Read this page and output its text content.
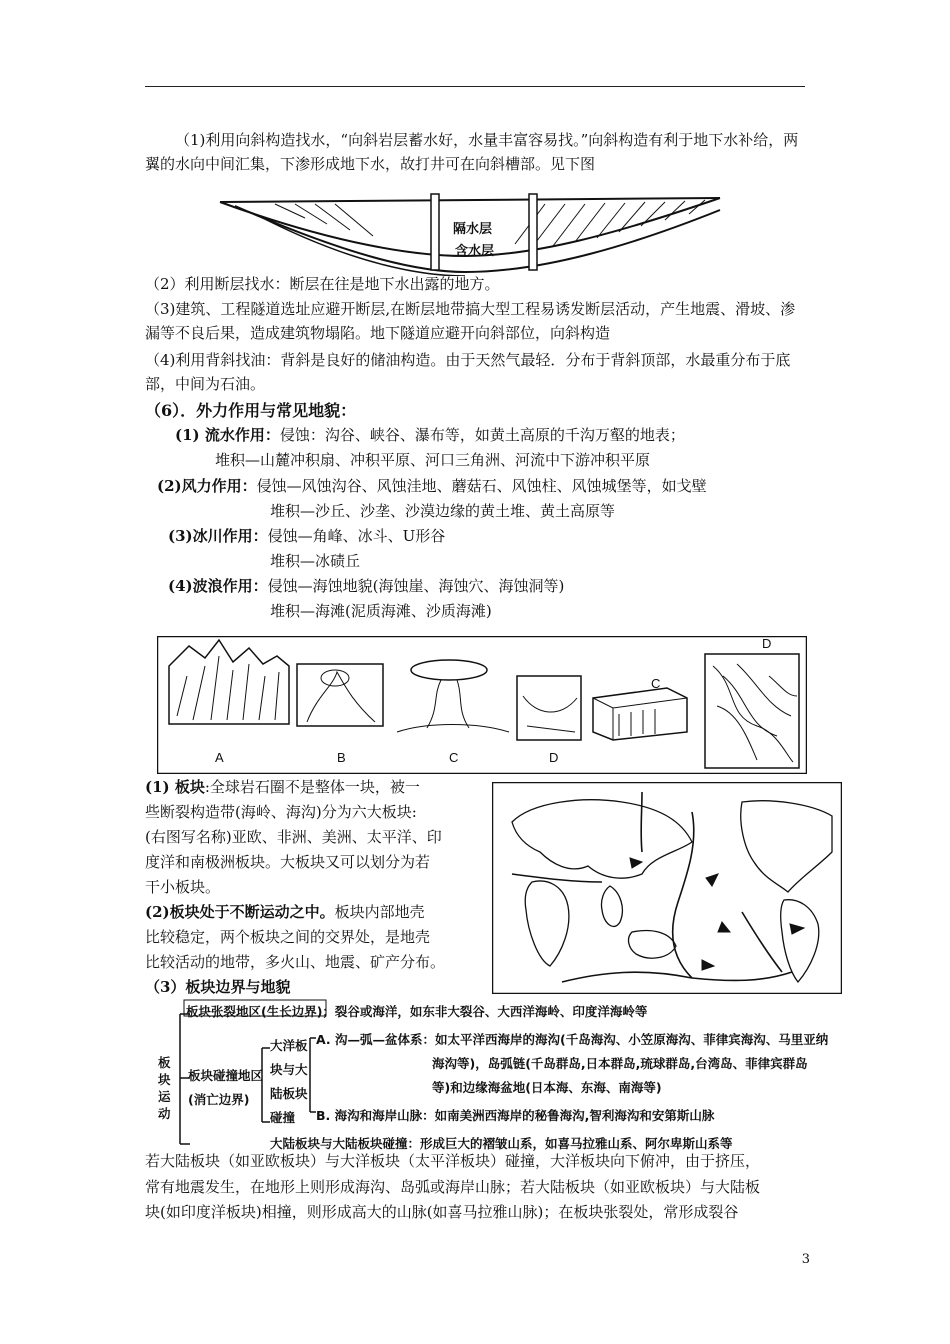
（1)利用向斜构造找水，“向斜岩层蓄水好，水量丰富容易找。”向斜构造有利于地下水补给，两翼的水向中间汇集，下渗形成地下水，故打井可在向斜槽部。见下图

隔水层
含水层

（2）利用断层找水：断层在往是地下水出露的地方。

（3)建筑、工程隧道选址应避开断层,在断层地带搞大型工程易诱发断层活动，产生地震、滑坡、渗漏等不良后果，造成建筑物塌陷。地下隧道应避开向斜部位，向斜构造

（4)利用背斜找油：背斜是良好的储油构造。由于天然气最轻．分布于背斜顶部，水最重分布于底部，中间为石油。

（6）．外力作用与常见地貌：
(1) 流水作用：侵蚀：沟谷、峡谷、瀑布等，如黄土高原的千沟万壑的地表；
堆积—山麓冲积扇、冲积平原、河口三角洲、河流中下游冲积平原
(2)风力作用：侵蚀—风蚀沟谷、风蚀洼地、蘑菇石、风蚀柱、风蚀城堡等，如戈壁
堆积—沙丘、沙垄、沙漠边缘的黄土堆、黄土高原等
(3)冰川作用：侵蚀—角峰、冰斗、U形谷
堆积—冰碛丘
(4)波浪作用：侵蚀—海蚀地貌(海蚀崖、海蚀穴、海蚀洞等)
堆积—海滩(泥质海滩、沙质海滩)
A	B	C	D
C
D
(1) 板块:全球岩石圈不是整体一块，被一
些断裂构造带(海岭、海沟)分为六大板块:
(右图写名称)亚欧、非洲、美洲、太平洋、印
度洋和南极洲板块。大板块又可以划分为若
干小板块。
(2)板块处于不断运动之中。板块内部地壳
比较稳定，两个板块之间的交界处，是地壳
比较活动的地带，多火山、地震、矿产分布。
（3）板块边界与地貌
板
块
运
动
板块张裂地区(生长边界)；裂谷或海洋，如东非大裂谷、大西洋海岭、印度洋海岭等
板块碰撞地区
(消亡边界)
大洋板
块与大
陆板块
碰撞
A. 沟—弧—盆体系：如太平洋西海岸的海沟(千岛海沟、小笠原海沟、菲律宾海沟、马里亚纳
海沟等)，岛弧链(千岛群岛,日本群岛,琉球群岛,台湾岛、菲律宾群岛
等)和边缘海盆地(日本海、东海、南海等)
B. 海沟和海岸山脉：如南美洲西海岸的秘鲁海沟,智利海沟和安第斯山脉
大陆板块与大陆板块碰撞：形成巨大的褶皱山系，如喜马拉雅山系、阿尔卑斯山系等
若大陆板块（如亚欧板块）与大洋板块（太平洋板块）碰撞，大洋板块向下俯冲，由于挤压，
常有地震发生，在地形上则形成海沟、岛弧或海岸山脉；若大陆板块（如亚欧板块）与大陆板
块(如印度洋板块)相撞，则形成高大的山脉(如喜马拉雅山脉)；在板块张裂处，常形成裂谷
3
